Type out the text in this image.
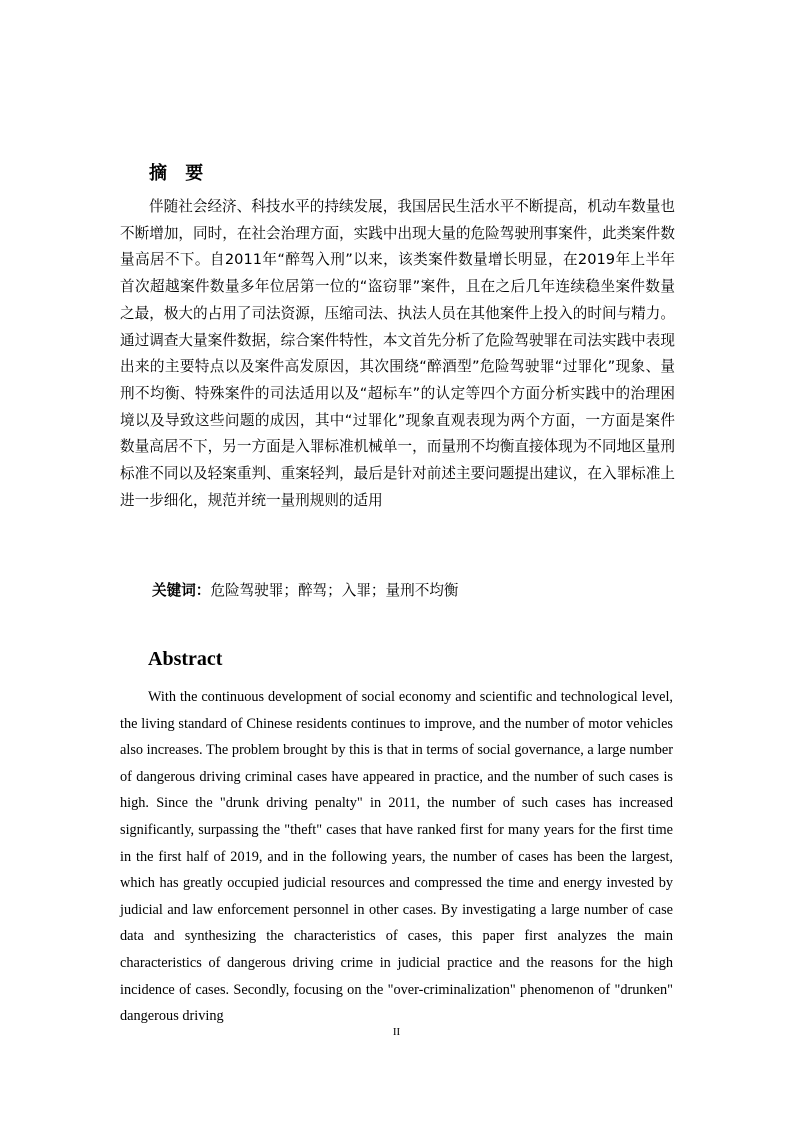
摘 要

伴随社会经济、科技水平的持续发展，我国居民生活水平不断提高，机动车数量也不断增加，同时，在社会治理方面，实践中出现大量的危险驾驶刑事案件，此类案件数量高居不下。自2011年“醉驾入刑”以来，该类案件数量增长明显，在2019年上半年首次超越案件数量多年位居第一位的“盗窃罪”案件，且在之后几年连续稳坐案件数量之最，极大的占用了司法资源，压缩司法、执法人员在其他案件上投入的时间与精力。通过调查大量案件数据，综合案件特性，本文首先分析了危险驾驶罪在司法实践中表现出来的主要特点以及案件高发原因，其次围绕“醉酒型”危险驾驶罪“过罪化”现象、量刑不均衡、特殊案件的司法适用以及“超标车”的认定等四个方面分析实践中的治理困境以及导致这些问题的成因，其中“过罪化”现象直观表现为两个方面，一方面是案件数量高居不下，另一方面是入罪标准机械单一，而量刑不均衡直接体现为不同地区量刑标准不同以及轻案重判、重案轻判，最后是针对前述主要问题提出建议，在入罪标准上进一步细化，规范并统一量刑规则的适用

关键词：危险驾驶罪；醉驾；入罪；量刑不均衡

Abstract

With the continuous development of social economy and scientific and technological level, the living standard of Chinese residents continues to improve, and the number of motor vehicles also increases. The problem brought by this is that in terms of social governance, a large number of dangerous driving criminal cases have appeared in practice, and the number of such cases is high. Since the "drunk driving penalty" in 2011, the number of such cases has increased significantly, surpassing the "theft" cases that have ranked first for many years for the first time in the first half of 2019, and in the following years, the number of cases has been the largest, which has greatly occupied judicial resources and compressed the time and energy invested by judicial and law enforcement personnel in other cases. By investigating a large number of case data and synthesizing the characteristics of cases, this paper first analyzes the main characteristics of dangerous driving crime in judicial practice and the reasons for the high incidence of cases. Secondly, focusing on the "over-criminalization" phenomenon of "drunken" dangerous driving

II
